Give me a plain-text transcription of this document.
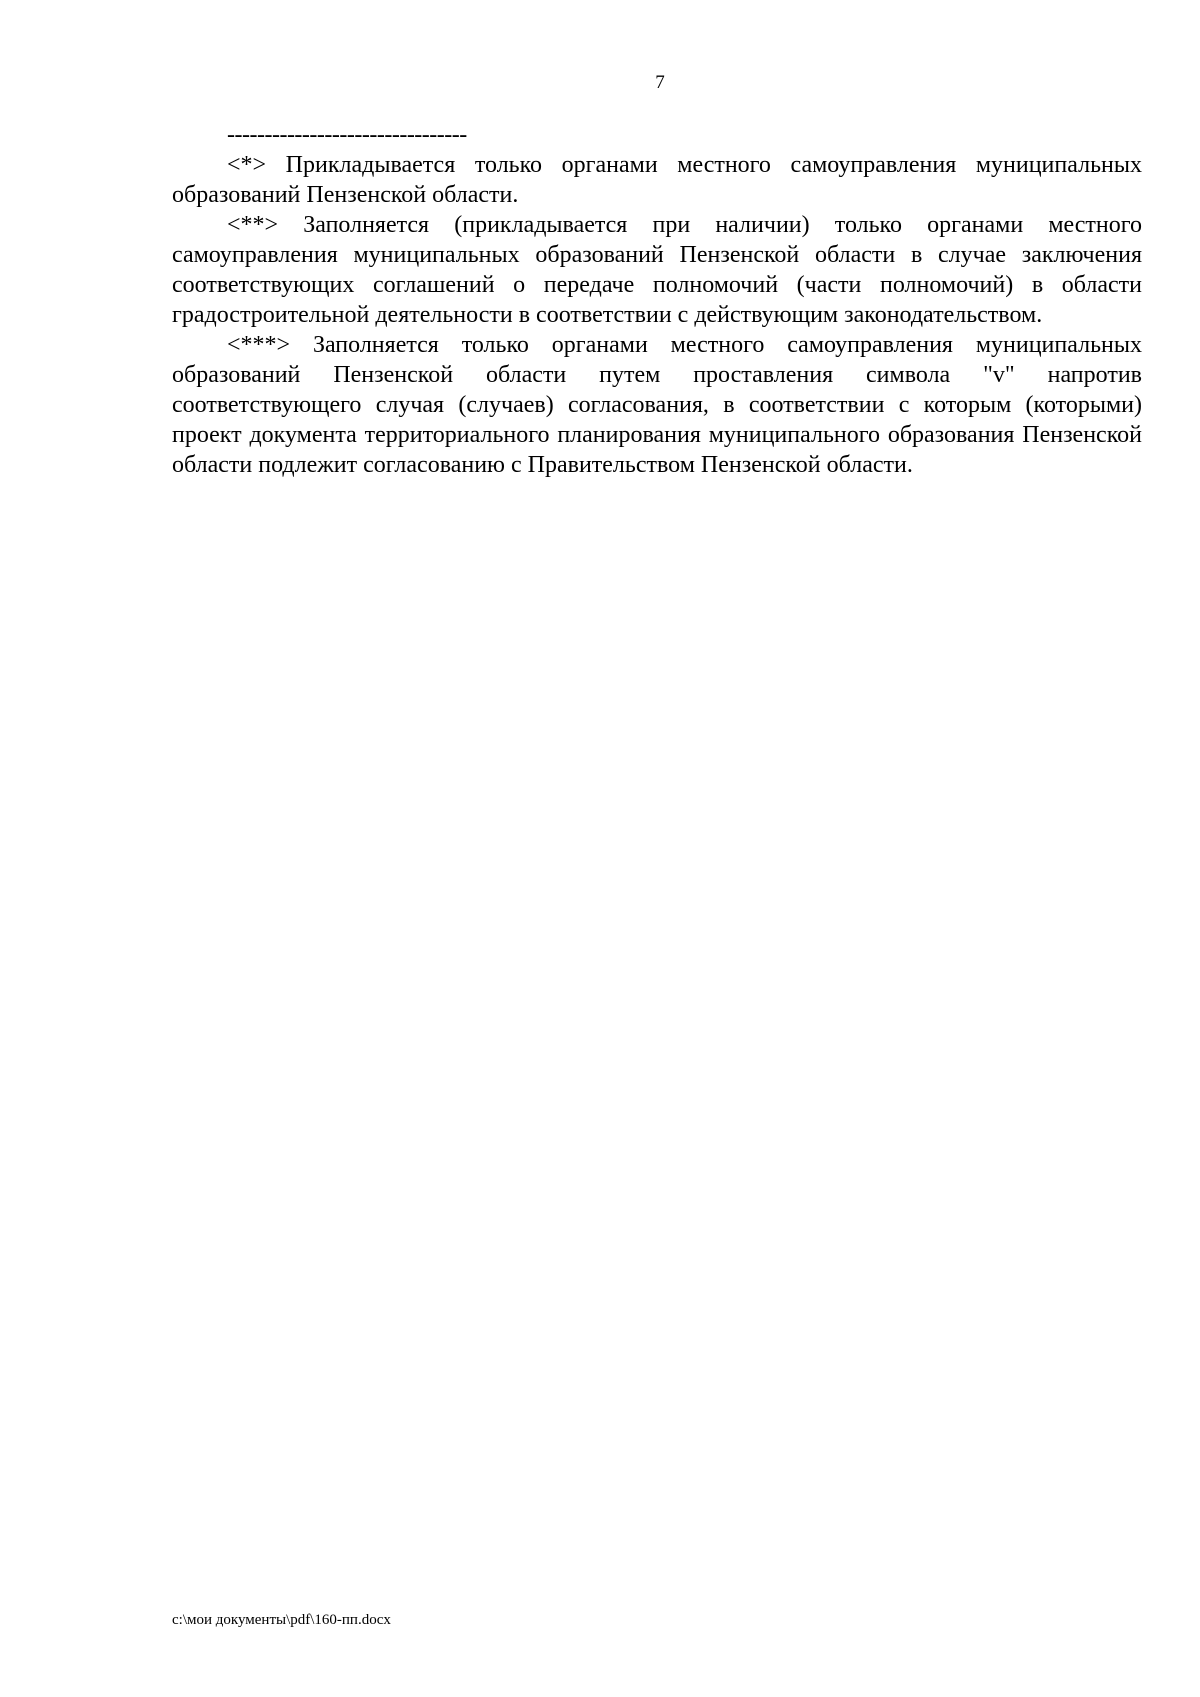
7
--------------------------------

<*> Прикладывается только органами местного самоуправления муниципальных образований Пензенской области.

<**> Заполняется (прикладывается при наличии) только органами местного самоуправления муниципальных образований Пензенской области в случае заключения соответствующих соглашений о передаче полномочий (части полномочий) в области градостроительной деятельности в соответствии с действующим законодательством.

<***> Заполняется только органами местного самоуправления муниципальных образований Пензенской области путем проставления символа "v" напротив соответствующего случая (случаев) согласования, в соответствии с которым (которыми) проект документа территориального планирования муниципального образования Пензенской области подлежит согласованию с Правительством Пензенской области.

c:\мои документы\pdf\160-пп.docx
